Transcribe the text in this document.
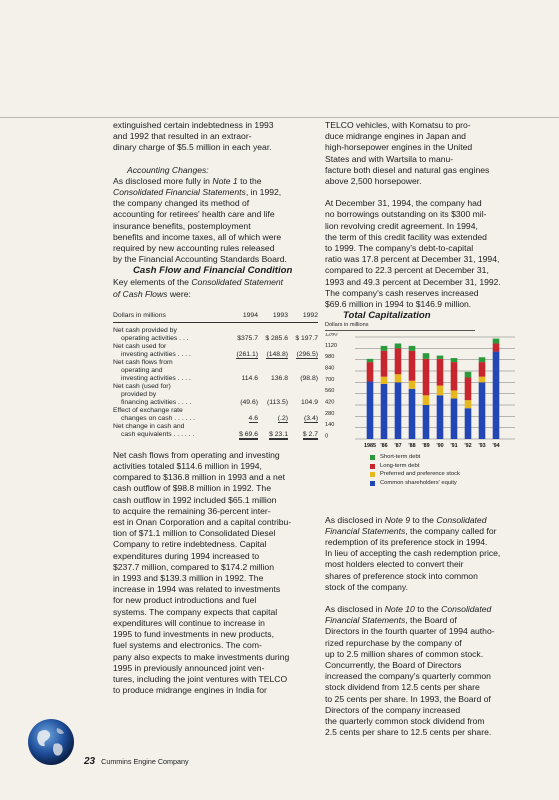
extinguished certain indebtedness in 1993
and 1992 that resulted in an extraor-
dinary charge of $5.5 million in each year.

Accounting Changes:

As disclosed more fully in Note 1 to the
Consolidated Financial Statements, in 1992,
the company changed its method of
accounting for retirees' health care and life
insurance benefits, postemployment
benefits and income taxes, all of which were
required by new accounting rules released
by the Financial Accounting Standards Board.

Cash Flow and Financial Condition

Key elements of the Consolidated Statement
of Cash Flows were:

Dollars in millions	1994	1993	1992
Net cash provided by
operating activities . . .	$375.7	$ 285.6	$ 197.7
Net cash used for
investing activities . . . .	(261.1)	(148.8)	(296.5)
Net cash flows from
operating and
investing activities . . . .	114.6	136.8	(98.8)
Net cash (used for)
provided by
financing activities . . . .	(49.6)	(113.5)	104.9
Effect of exchange rate
changes on cash . . . . . .	4.6	(.2)	(3.4)
Net change in cash and
cash equivalents . . . . . .	$ 69.6	$ 23.1	$ 2.7

Net cash flows from operating and investing
activities totaled $114.6 million in 1994,
compared to $136.8 million in 1993 and a net
cash outflow of $98.8 million in 1992. The
cash outflow in 1992 included $65.1 million
to acquire the remaining 36-percent inter-
est in Onan Corporation and a capital contribu-
tion of $71.1 million to Consolidated Diesel
Company to retire indebtedness. Capital
expenditures during 1994 increased to
$237.7 million, compared to $174.2 million
in 1993 and $139.3 million in 1992. The
increase in 1994 was related to investments
for new product introductions and fuel
systems. The company expects that capital
expenditures will continue to increase in
1995 to fund investments in new products,
fuel systems and electronics. The com-
pany also expects to make investments during
1995 in previously announced joint ven-
tures, including the joint ventures with TELCO
to produce midrange engines in India for

TELCO vehicles, with Komatsu to pro-
duce midrange engines in Japan and
high-horsepower engines in the United
States and with Wartsila to manu-
facture both diesel and natural gas engines
above 2,500 horsepower.

At December 31, 1994, the company had
no borrowings outstanding on its $300 mil-
lion revolving credit agreement. In 1994,
the term of this credit facility was extended
to 1999. The company's debt-to-capital
ratio was 17.8 percent at December 31, 1994,
compared to 22.3 percent at December 31,
1993 and 49.3 percent at December 31, 1992.
The company's cash reserves increased
$69.6 million in 1994 to $146.9 million.

Total Capitalization

Dollars in millions

0
140
280
420
560
700
840
980
1120
1260
1985 '86 '87 '88 '89 '90 '91 '92 '93 '94
Short-term debt
Long-term debt
Preferred and preference stock
Common shareholders' equity

As disclosed in Note 9 to the Consolidated
Financial Statements, the company called for
redemption of its preference stock in 1994.
In lieu of accepting the cash redemption price,
most holders elected to convert their
shares of preference stock into common
stock of the company.

As disclosed in Note 10 to the Consolidated
Financial Statements, the Board of
Directors in the fourth quarter of 1994 autho-
rized repurchase by the company of
up to 2.5 million shares of common stock.
Concurrently, the Board of Directors
increased the company's quarterly common
stock dividend from 12.5 cents per share
to 25 cents per share. In 1993, the Board of
Directors of the company increased
the quarterly common stock dividend from
2.5 cents per share to 12.5 cents per share.

23 Cummins Engine Company
